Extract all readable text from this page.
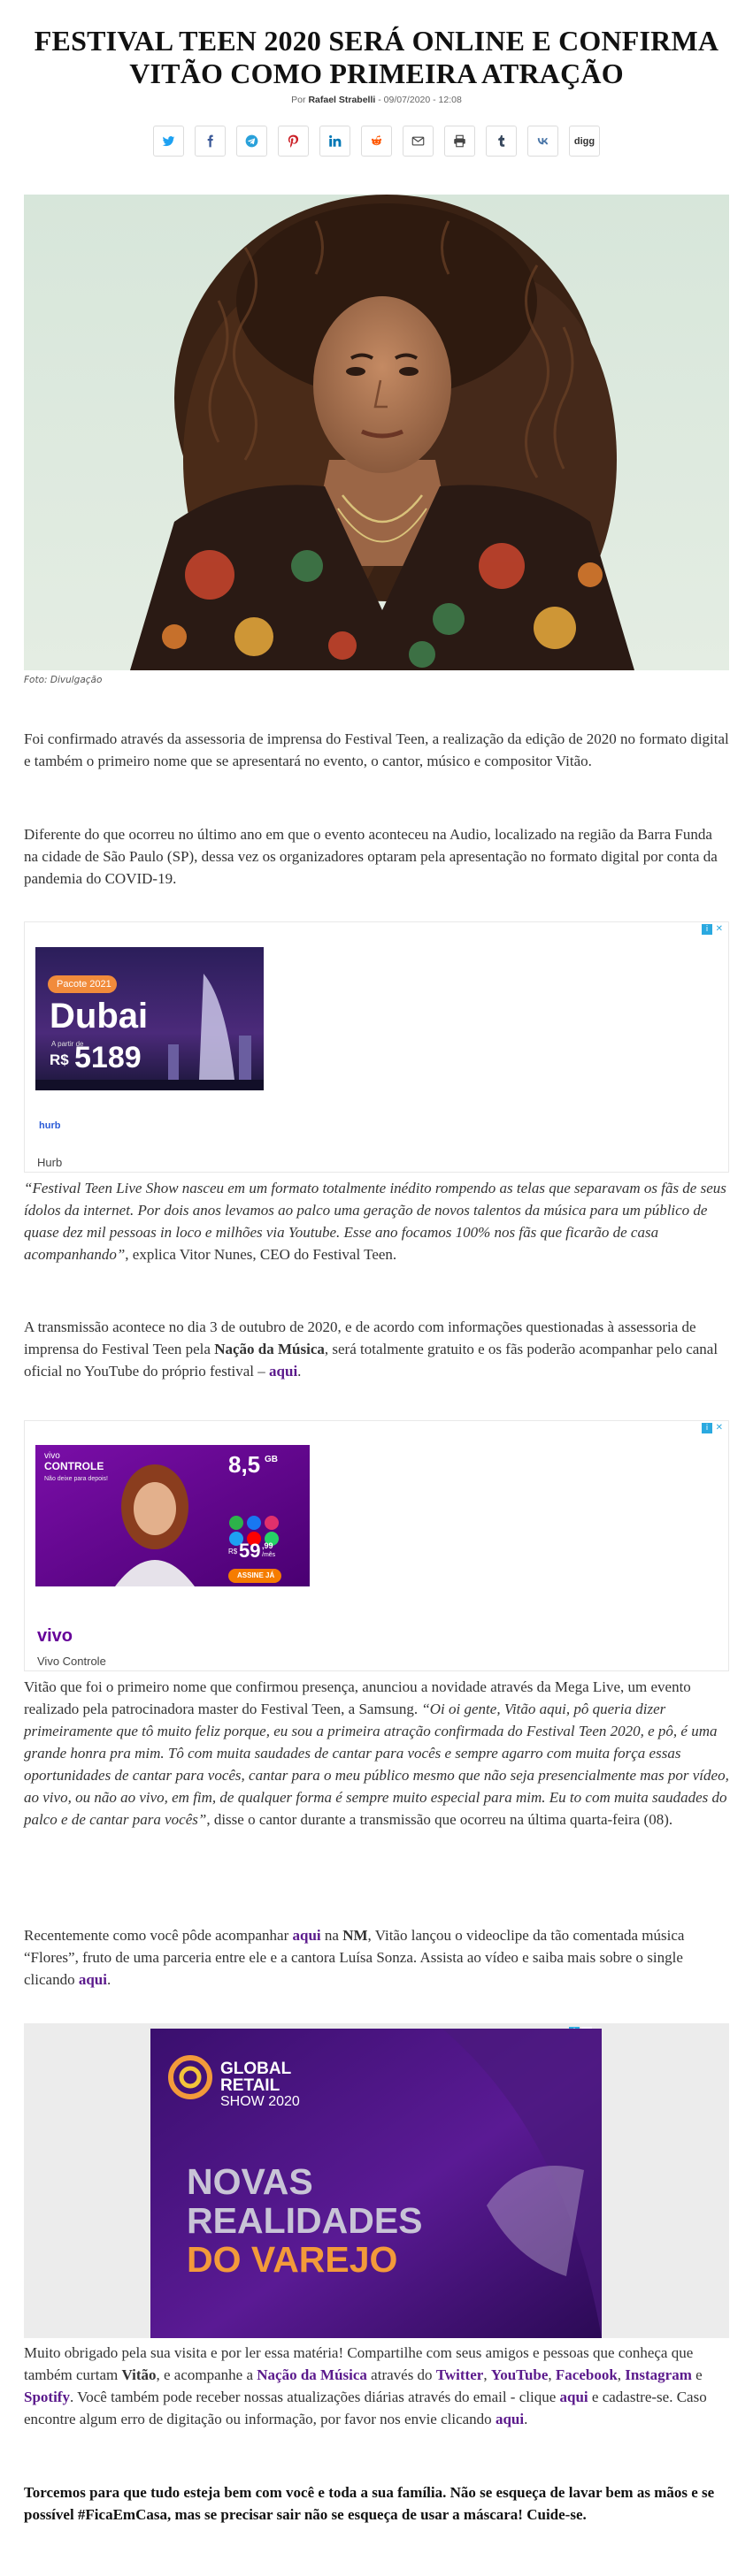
FESTIVAL TEEN 2020 SERÁ ONLINE E CONFIRMA
VITÃO COMO PRIMEIRA ATRAÇÃO
Por Rafael Strabelli - 09/07/2020 - 12:08
digg
Foto: Divulgação

Foi confirmado através da assessoria de imprensa do Festival Teen, a realização da edição de 2020 no formato digital e também o primeiro nome que se apresentará no evento, o cantor, músico e compositor Vitão.

Diferente do que ocorreu no último ano em que o evento aconteceu na Audio, localizado na região da Barra Funda na cidade de São Paulo (SP), dessa vez os organizadores optaram pela apresentação no formato digital por conta da pandemia do COVID-19.

i ✕
Pacote 2021
Dubai
A partir de
R$ 5189
hurb
Hurb

“Festival Teen Live Show nasceu em um formato totalmente inédito rompendo as telas que separavam os fãs de seus ídolos da internet. Por dois anos levamos ao palco uma geração de novos talentos da música para um público de quase dez mil pessoas in loco e milhões via Youtube. Esse ano focamos 100% nos fãs que ficarão de casa acompanhando”, explica Vitor Nunes, CEO do Festival Teen.

A transmissão acontece no dia 3 de outubro de 2020, e de acordo com informações questionadas à assessoria de imprensa do Festival Teen pela Nação da Música, será totalmente gratuito e os fãs poderão acompanhar pelo canal oficial no YouTube do próprio festival – aqui.

i ✕
vivo
CONTROLE
Não deixe para depois!
8,5 GB
R$ 59 ,99
/mês
ASSINE JÁ
vivo
Vivo Controle

Vitão que foi o primeiro nome que confirmou presença, anunciou a novidade através da Mega Live, um evento realizado pela patrocinadora master do Festival Teen, a Samsung. “Oi oi gente, Vitão aqui, pô queria dizer primeiramente que tô muito feliz porque, eu sou a primeira atração confirmada do Festival Teen 2020, e pô, é uma grande honra pra mim. Tô com muita saudades de cantar para vocês e sempre agarro com muita força essas oportunidades de cantar para vocês, cantar para o meu público mesmo que não seja presencialmente mas por vídeo, ao vivo, ou não ao vivo, em fim, de qualquer forma é sempre muito especial para mim. Eu to com muita saudades do palco e de cantar para vocês”, disse o cantor durante a transmissão que ocorreu na última quarta-feira (08).

Recentemente como você pôde acompanhar aqui na NM, Vitão lançou o videoclipe da tão comentada música “Flores”, fruto de uma parceria entre ele e a cantora Luísa Sonza. Assista ao vídeo e saiba mais sobre o single clicando aqui.

GLOBAL
RETAIL
SHOW 2020
NOVAS
REALIDADES
DO VAREJO

Muito obrigado pela sua visita e por ler essa matéria! Compartilhe com seus amigos e pessoas que conheça que também curtam Vitão, e acompanhe a Nação da Música através do Twitter, YouTube, Facebook, Instagram e Spotify. Você também pode receber nossas atualizações diárias através do email - clique aqui e cadastre-se. Caso encontre algum erro de digitação ou informação, por favor nos envie clicando aqui.

Torcemos para que tudo esteja bem com você e toda a sua família. Não se esqueça de lavar bem as mãos e se possível #FicaEmCasa, mas se precisar sair não se esqueça de usar a máscara! Cuide-se.
